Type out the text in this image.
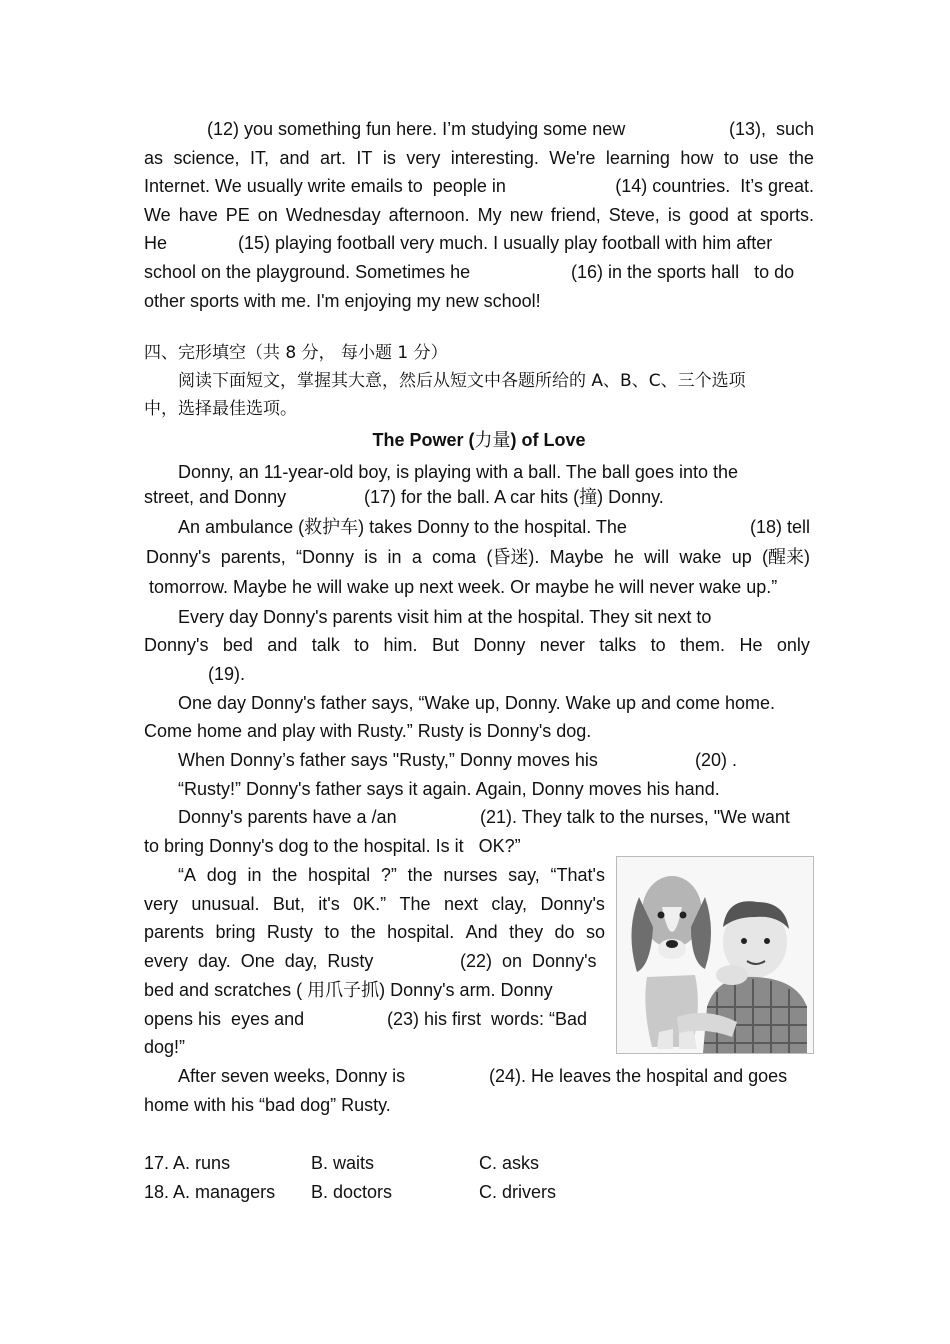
(12) you something fun here. I’m studying some new	(13),  such
as science, IT, and art. IT is very interesting. We're learning how to use the
Internet. We usually write emails to  people in	(14) countries.  It’s great.
We have PE on Wednesday afternoon. My new friend, Steve, is good at sports.
He	(15) playing football very much. I usually play football with him after
school on the playground. Sometimes he	(16) in the sports hall   to do
other sports with me. I'm enjoying my new school!
四、完形填空（共 8 分， 每小题 1 分）
阅读下面短文，掌握其大意，然后从短文中各题所给的 A、B、C、三个选项
中，选择最佳选项。
The Power (力量) of Love
Donny, an 11-year-old boy, is playing with a ball. The ball goes into the
street, and Donny	(17) for the ball. A car hits (撞) Donny.
An ambulance (救护车) takes Donny to the hospital. The	(18) tell
Donny's parents, “Donny is in a coma (昏迷). Maybe he will wake up (醒来)
tomorrow. Maybe he will wake up next week. Or maybe he will never wake up.”
Every day Donny's parents visit him at the hospital. They sit next to
Donny's bed and talk to him. But Donny never talks to them. He only
(19).
One day Donny's father says, “Wake up, Donny. Wake up and come home.
Come home and play with Rusty.” Rusty is Donny's dog.
When Donny’s father says "Rusty,” Donny moves his	(20) .
“Rusty!” Donny's father says it again. Again, Donny moves his hand.
Donny's parents have a /an	(21). They talk to the nurses, "We want
to bring Donny's dog to the hospital. Is it   OK?”
“A dog in the hospital ?” the nurses say, “That's
very unusual. But, it's 0K.” The next clay, Donny's
parents bring Rusty to the hospital. And they do so
every  day.  One  day,  Rusty	(22)  on  Donny's
bed and scratches ( 用爪子抓) Donny's arm. Donny
opens his  eyes and	(23) his first  words: “Bad
dog!”
After seven weeks, Donny is	(24). He leaves the hospital and goes
home with his “bad dog” Rusty.
17. A. runs	B. waits	C. asks
18. A. managers B. doctors	C. drivers
